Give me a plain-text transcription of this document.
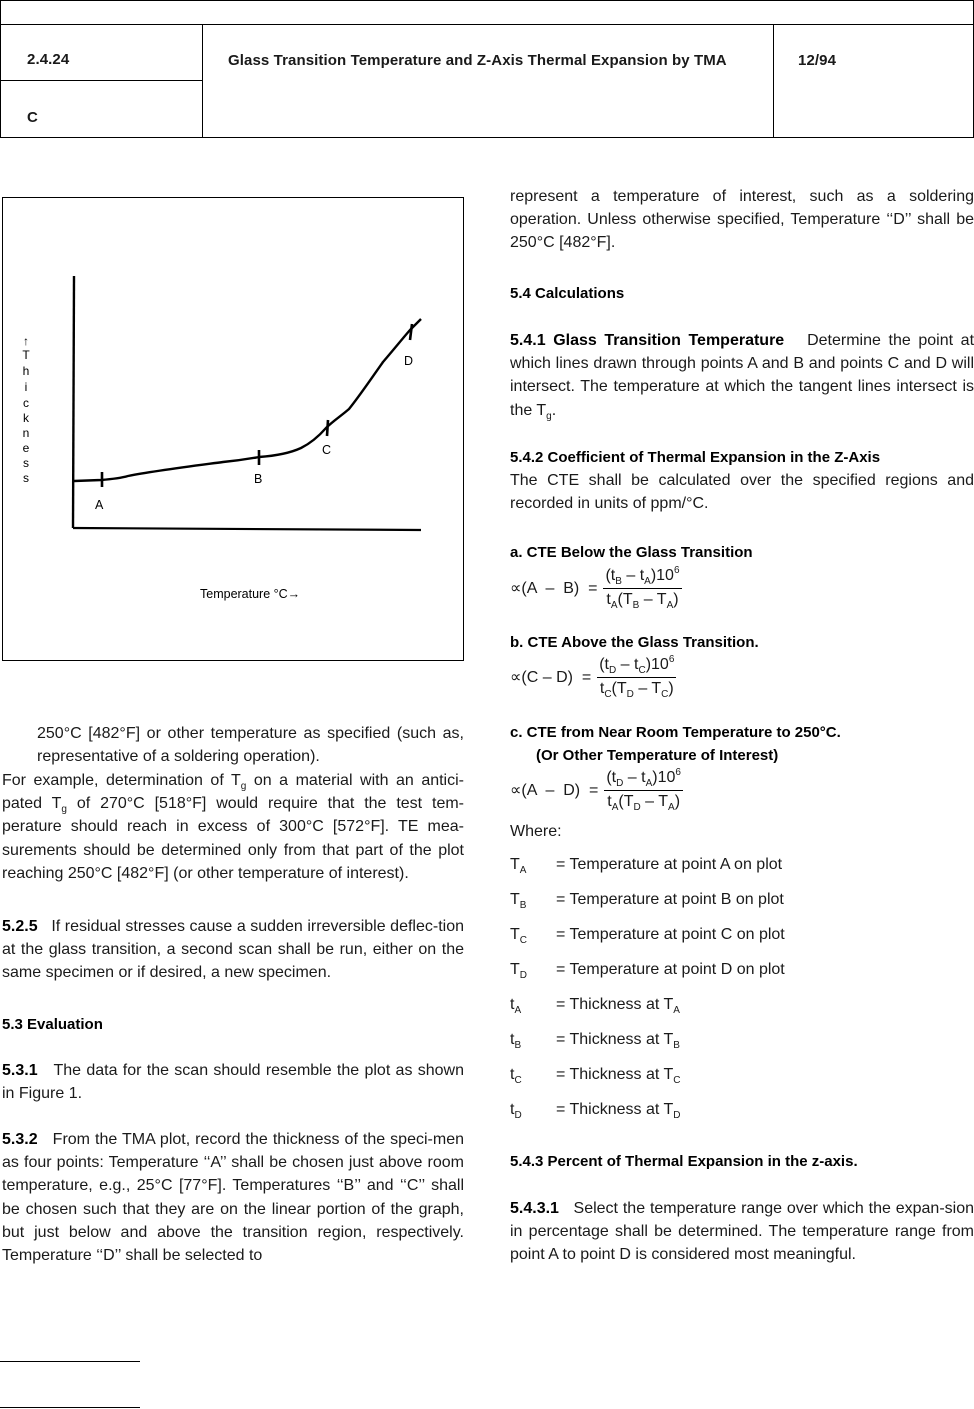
2.4.24
C
Glass Transition Temperature and Z-Axis Thermal Expansion by TMA	12/94
A
B
C
D
↑
T
h
i
c
k
n
e
s
s
Temperature °C→

250°C [482°F] or other temperature as specified (such as, representative of a soldering operation).

For example, determination of $T_g$ on a material with an antici-pated $T_g$ of 270°C [518°F] would require that the test tem-perature should reach in excess of 300°C [572°F]. TE mea-surements should be determined only from that part of the plot reaching 250°C [482°F] (or other temperature of interest).

5.2.5 If residual stresses cause a sudden irreversible deflec-tion at the glass transition, a second scan shall be run, either on the same specimen or if desired, a new specimen.

5.3 Evaluation

5.3.1 The data for the scan should resemble the plot as shown in Figure 1.

5.3.2 From the TMA plot, record the thickness of the speci-men as four points: Temperature ‘‘A’’ shall be chosen just above room temperature, e.g., 25°C [77°F]. Temperatures ‘‘B’’ and ‘‘C’’ shall be chosen such that they are on the linear portion of the graph, but just below and above the transition region, respectively. Temperature ‘‘D’’ shall be selected to

represent a temperature of interest, such as a soldering operation. Unless otherwise specified, Temperature ‘‘D’’ shall be 250°C [482°F].

5.4 Calculations

5.4.1 Glass Transition Temperature Determine the point at which lines drawn through points A and B and points C and D will intersect. The temperature at which the tangent lines intersect is the $T_g$.

5.4.2 Coefficient of Thermal Expansion in the Z-Axis

The CTE shall be calculated over the specified regions and recorded in units of ppm/°C.

a. CTE Below the Glass Transition
$\propto(A - B) = \frac{(t_B - t_A)10^6}{t_A(T_B - T_A)}$
b. CTE Above the Glass Transition.
$\propto(C - D) = \frac{(t_D - t_C)10^6}{t_C(T_D - T_C)}$
c. CTE from Near Room Temperature to 250°C.
(Or Other Temperature of Interest)
$\propto(A - D) = \frac{(t_D - t_A)10^6}{t_A(T_D - T_A)}$
Where:
$T_A$ = Temperature at point A on plot
$T_B$ = Temperature at point B on plot
$T_C$ = Temperature at point C on plot
$T_D$ = Temperature at point D on plot
$t_A$ = Thickness at $T_A$
$t_B$ = Thickness at $T_B$
$t_C$ = Thickness at $T_C$
$t_D$ = Thickness at $T_D$
5.4.3 Percent of Thermal Expansion in the z-axis.

5.4.3.1 Select the temperature range over which the expan-sion in percentage shall be determined. The temperature range from point A to point D is considered most meaningful.
